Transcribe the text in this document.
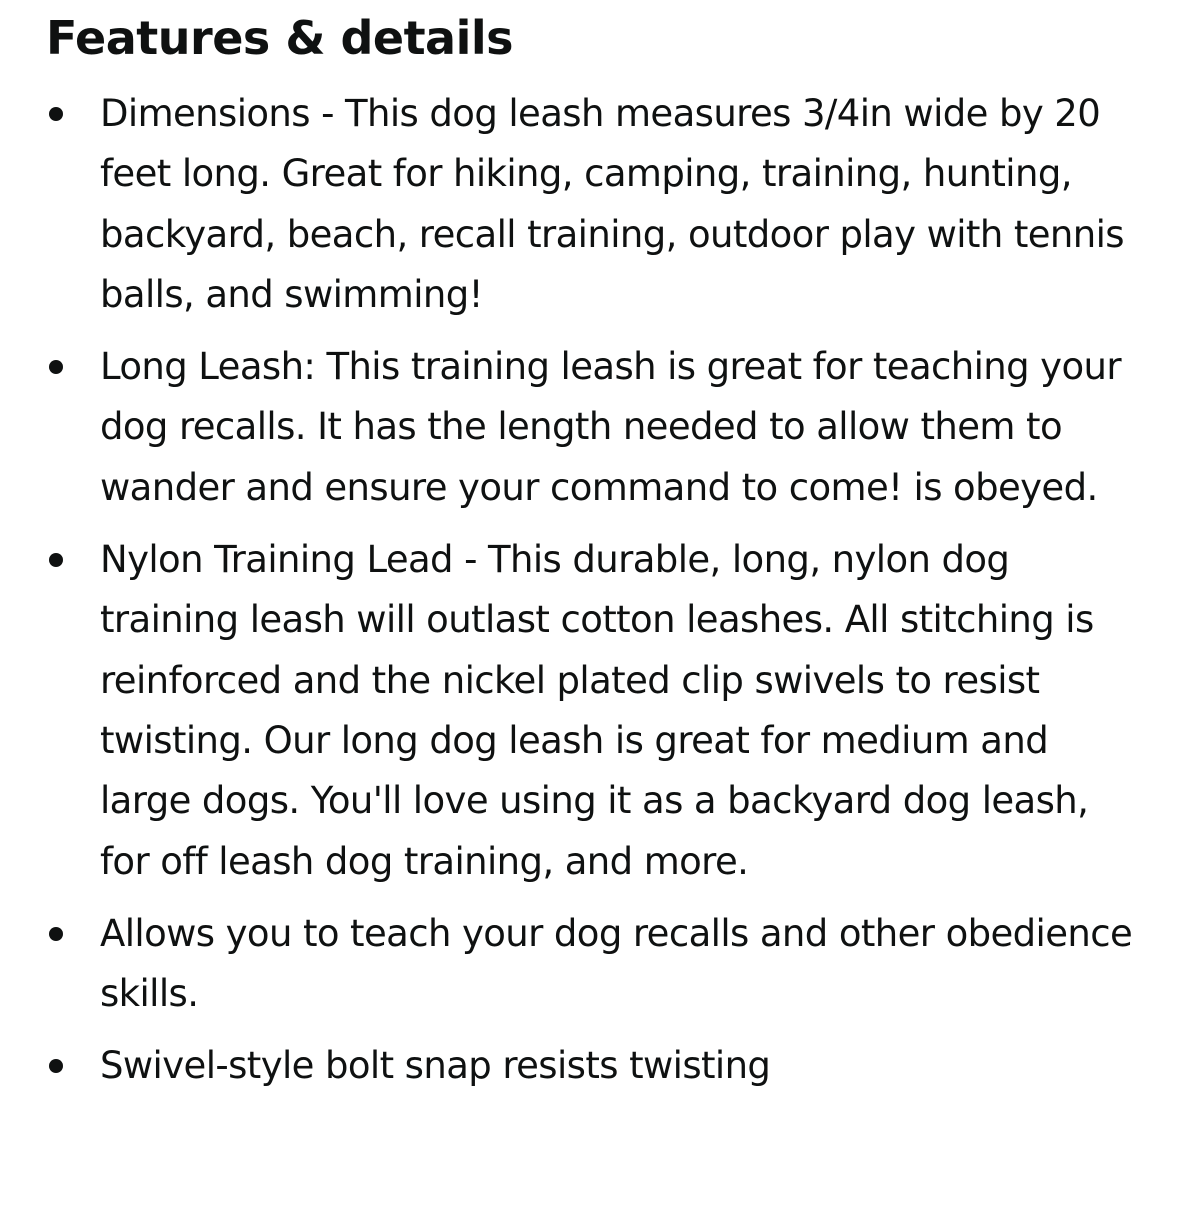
Features & details
Dimensions - This dog leash measures 3/4in wide by 20 feet long. Great for hiking, camping, training, hunting, backyard, beach, recall training, outdoor play with tennis balls, and swimming!
Long Leash: This training leash is great for teaching your dog recalls. It has the length needed to allow them to wander and ensure your command to come! is obeyed.
Nylon Training Lead - This durable, long, nylon dog training leash will outlast cotton leashes. All stitching is reinforced and the nickel plated clip swivels to resist twisting. Our long dog leash is great for medium and large dogs. You'll love using it as a backyard dog leash, for off leash dog training, and more.
Allows you to teach your dog recalls and other obedience skills.
Swivel-style bolt snap resists twisting
